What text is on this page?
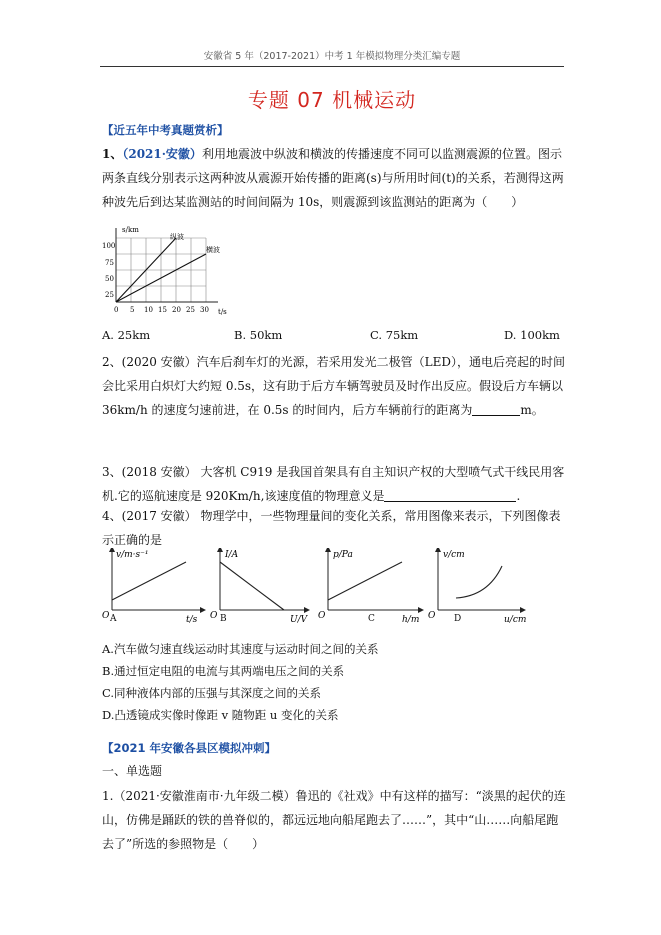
安徽省 5 年（2017-2021）中考 1 年模拟物理分类汇编专题
专题 07 机械运动
【近五年中考真题赏析】

1、（2021·安徽）利用地震波中纵波和横波的传播速度不同可以监测震源的位置。图示两条直线分别表示这两种波从震源开始传播的距离(s)与所用时间(t)的关系，若测得这两种波先后到达某监测站的时间间隔为 10s，则震源到该监测站的距离为（　　）

s/km
t/s
100
75
50
25
0 5 10 15 20 25 30
纵波
横波
A. 25km	B. 50km	C. 75km	D. 100km

2、(2020 安徽）汽车后刹车灯的光源，若采用发光二极管（LED），通电后亮起的时间会比采用白炽灯大约短 0.5s，这有助于后方车辆驾驶员及时作出反应。假设后方车辆以 36km/h 的速度匀速前进，在 0.5s 的时间内，后方车辆前行的距离为	m。

3、(2018 安徽） 大客机 C919 是我国首架具有自主知识产权的大型喷气式干线民用客机.它的巡航速度是 920Km/h,该速度值的物理意义是	.

4、(2017 安徽） 物理学中，一些物理量间的变化关系，常用图像来表示，下列图像表示正确的是

v/m·s⁻¹
t/s
O
I/A
U/V
O
p/Pa
h/m
O
v/cm
u/cm
O
A	B	C	D
A.汽车做匀速直线运动时其速度与运动时间之间的关系
B.通过恒定电阻的电流与其两端电压之间的关系
C.同种液体内部的压强与其深度之间的关系
D.凸透镜成实像时像距 v 随物距 u 变化的关系
【2021 年安徽各县区模拟冲刺】
一、单选题

1.（2021·安徽淮南市·九年级二模）鲁迅的《社戏》中有这样的描写：“淡黑的起伏的连山，仿佛是踊跃的铁的兽脊似的，都远远地向船尾跑去了……”，其中“山……向船尾跑去了”所选的参照物是（　　）
